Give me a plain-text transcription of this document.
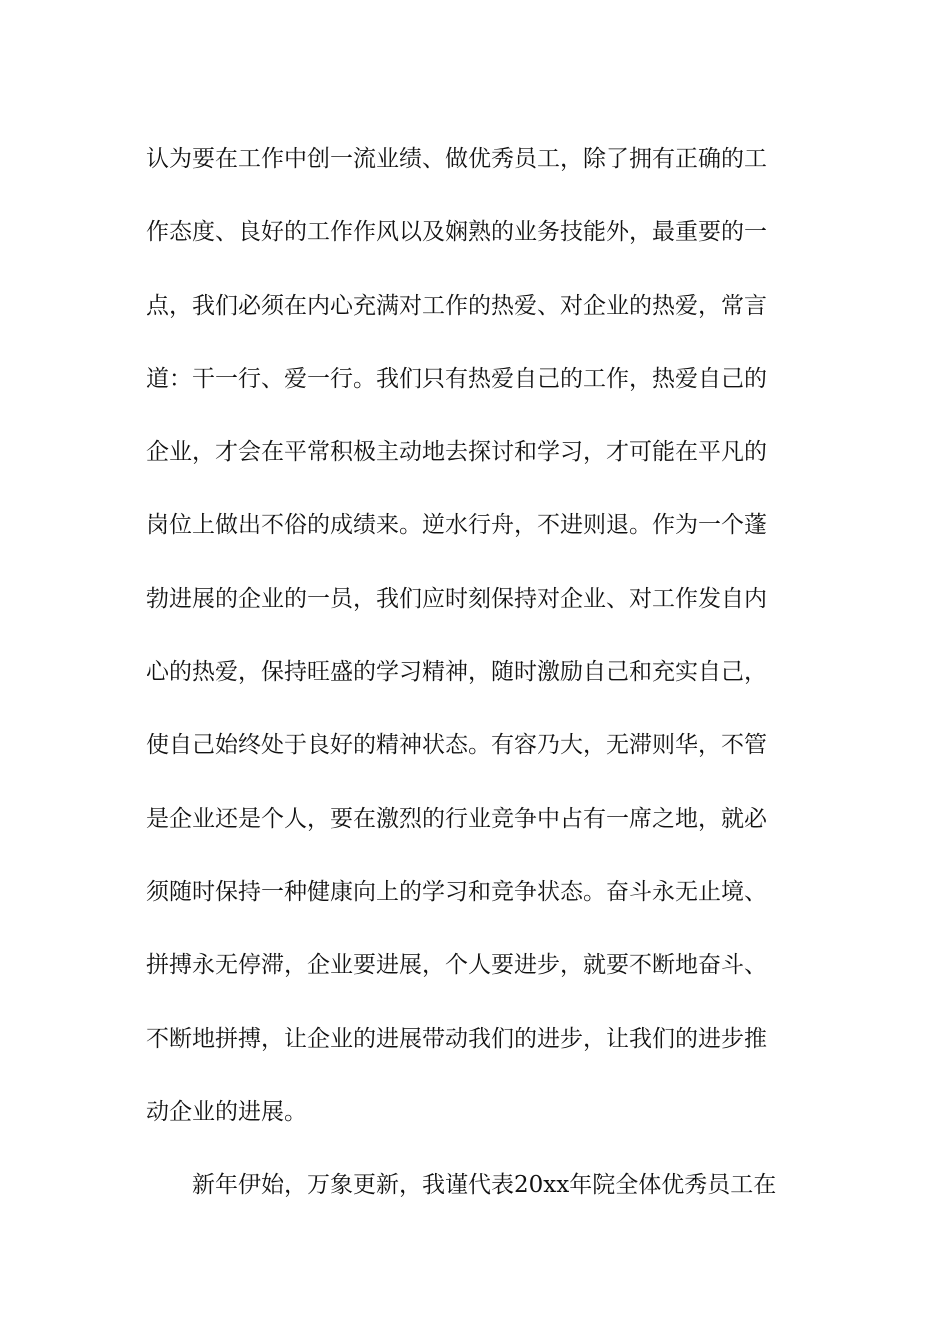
认为要在工作中创一流业绩、做优秀员工，除了拥有正确的工
作态度、良好的工作作风以及娴熟的业务技能外，最重要的一
点，我们必须在内心充满对工作的热爱、对企业的热爱，常言
道：干一行、爱一行。我们只有热爱自己的工作，热爱自己的
企业，才会在平常积极主动地去探讨和学习，才可能在平凡的
岗位上做出不俗的成绩来。逆水行舟，不进则退。作为一个蓬
勃进展的企业的一员，我们应时刻保持对企业、对工作发自内
心的热爱，保持旺盛的学习精神，随时激励自己和充实自己，
使自己始终处于良好的精神状态。有容乃大，无滞则华，不管
是企业还是个人，要在激烈的行业竞争中占有一席之地，就必
须随时保持一种健康向上的学习和竞争状态。奋斗永无止境、
拼搏永无停滞，企业要进展，个人要进步，就要不断地奋斗、
不断地拼搏，让企业的进展带动我们的进步，让我们的进步推
动企业的进展。
新年伊始，万象更新，我谨代表20xx年院全体优秀员工在
